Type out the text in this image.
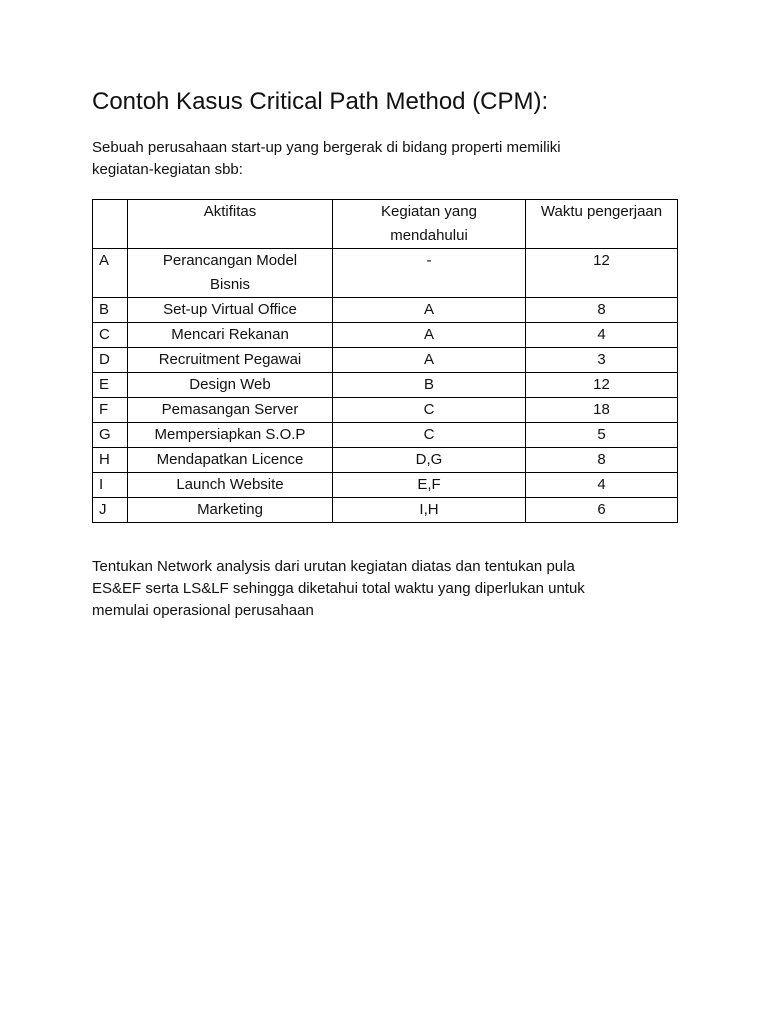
Contoh Kasus Critical Path Method (CPM):

Sebuah perusahaan start-up yang bergerak di bidang properti memiliki
kegiatan-kegiatan sbb:

	Aktifitas	Kegiatan yang
mendahului	Waktu pengerjaan
A	Perancangan Model
Bisnis	-	12
B	Set-up Virtual Office	A	8
C	Mencari Rekanan	A	4
D	Recruitment Pegawai	A	3
E	Design Web	B	12
F	Pemasangan Server	C	18
G	Mempersiapkan S.O.P	C	5
H	Mendapatkan Licence	D,G	8
I	Launch Website	E,F	4
J	Marketing	I,H	6

Tentukan Network analysis dari urutan kegiatan diatas dan tentukan pula
ES&EF serta LS&LF sehingga diketahui total waktu yang diperlukan untuk
memulai operasional perusahaan
